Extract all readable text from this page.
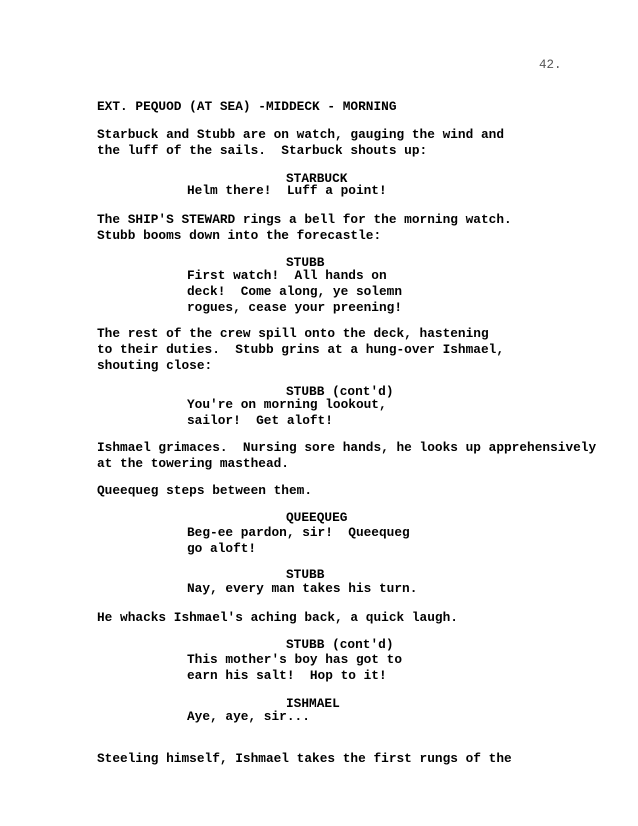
42.
EXT. PEQUOD (AT SEA) -MIDDECK - MORNING
Starbuck and Stubb are on watch, gauging the wind and
the luff of the sails.  Starbuck shouts up:
STARBUCK
Helm there!  Luff a point!
The SHIP'S STEWARD rings a bell for the morning watch.
Stubb booms down into the forecastle:
STUBB
First watch!  All hands on
deck!  Come along, ye solemn
rogues, cease your preening!
The rest of the crew spill onto the deck, hastening
to their duties.  Stubb grins at a hung-over Ishmael,
shouting close:
STUBB (cont'd)
You're on morning lookout,
sailor!  Get aloft!
Ishmael grimaces.  Nursing sore hands, he looks up apprehensively
at the towering masthead.
Queequeg steps between them.
QUEEQUEG
Beg-ee pardon, sir!  Queequeg
go aloft!
STUBB
Nay, every man takes his turn.
He whacks Ishmael's aching back, a quick laugh.
STUBB (cont'd)
This mother's boy has got to
earn his salt!  Hop to it!
ISHMAEL
Aye, aye, sir...
Steeling himself, Ishmael takes the first rungs of the
